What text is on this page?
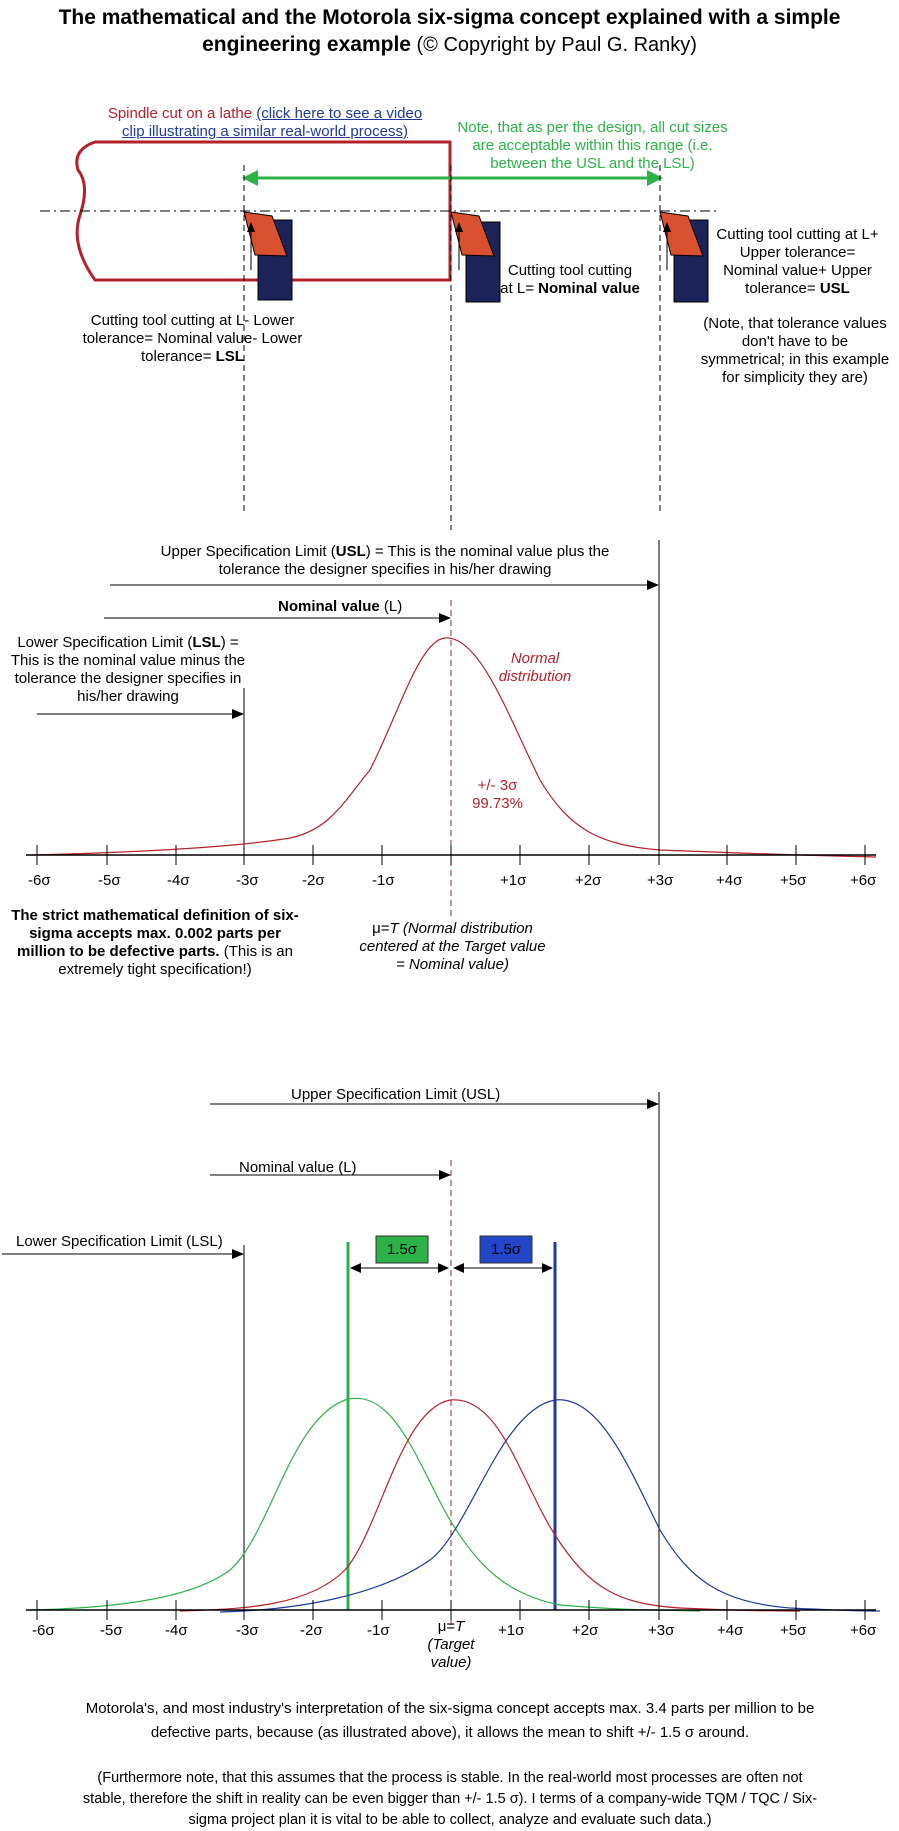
The mathematical and the Motorola six-sigma concept explained with a simple engineering example (© Copyright by Paul G. Ranky)
Spindle cut on a lathe (click here to see a video clip illustrating a similar real-world process)	Note, that as per the design, all cut sizes are acceptable within this range (i.e. between the USL and the LSL)
Cutting tool cutting at L- Lower tolerance= Nominal value- Lower tolerance= LSL
Cutting tool cutting at L= Nominal value
Cutting tool cutting at L+ Upper tolerance= Nominal value+ Upper tolerance= USL
(Note, that tolerance values don't have to be symmetrical; in this example for simplicity they are)
Upper Specification Limit (USL) = This is the nominal value plus the tolerance the designer specifies in his/her drawing
Nominal value (L)
Lower Specification Limit (LSL) = This is the nominal value minus the tolerance the designer specifies in his/her drawing
Normal distribution
+/- 3σ
99.73%
μ=T (Normal distribution centered at the Target value = Nominal value)
The strict mathematical definition of six-sigma accepts max. 0.002 parts per million to be defective parts. (This is an extremely tight specification!)
Upper Specification Limit (USL)
Nominal value (L)
Lower Specification Limit (LSL)	1.5σ	1.5σ
μ=T
(Target value)
-6σ	-5σ	-4σ	-3σ	-2σ	-1σ	+1σ	+2σ	+3σ	+4σ	+5σ	+6σ
-6σ	-5σ	-4σ	-3σ	-2σ	-1σ	+1σ	+2σ	+3σ	+4σ +5σ	+6σ
Motorola's, and most industry's interpretation of the six-sigma concept accepts max. 3.4 parts per million to be defective parts, because (as illustrated above), it allows the mean to shift +/- 1.5 σ around.
(Furthermore note, that this assumes that the process is stable. In the real-world most processes are often not stable, therefore the shift in reality can be even bigger than +/- 1.5 σ). I terms of a company-wide TQM / TQC / Six-sigma project plan it is vital to be able to collect, analyze and evaluate such data.)
